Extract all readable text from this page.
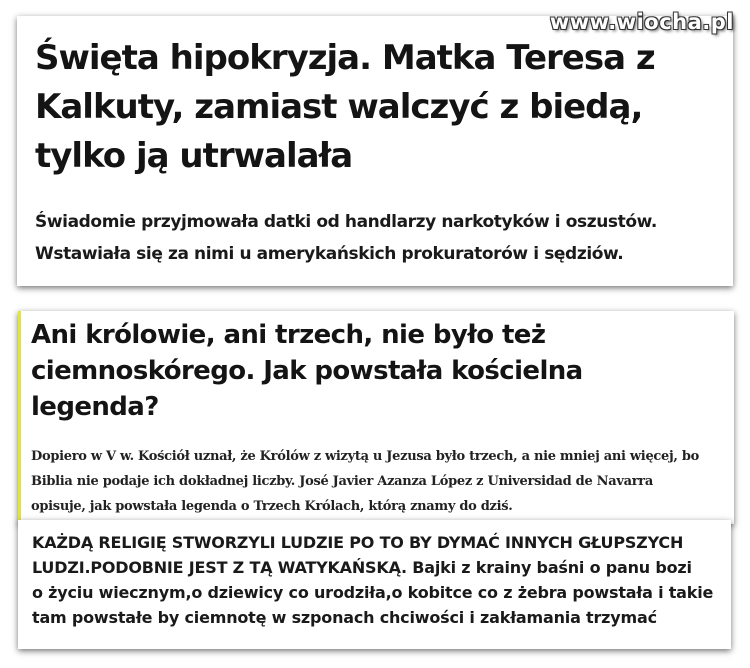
www.wiocha.pl
Święta hipokryzja. Matka Teresa z
Kalkuty, zamiast walczyć z biedą,
tylko ją utrwalała
Świadomie przyjmowała datki od handlarzy narkotyków i oszustów.
Wstawiała się za nimi u amerykańskich prokuratorów i sędziów.
Ani królowie, ani trzech, nie było też
ciemnoskórego. Jak powstała kościelna
legenda?
Dopiero w V w. Kościół uznał, że Królów z wizytą u Jezusa było trzech, a nie mniej ani więcej, bo
Biblia nie podaje ich dokładnej liczby. José Javier Azanza López z Universidad de Navarra
opisuje, jak powstała legenda o Trzech Królach, którą znamy do dziś.
KAŻDĄ RELIGIĘ STWORZYLI LUDZIE PO TO BY DYMAĆ INNYCH GŁUPSZYCH
LUDZI.PODOBNIE JEST Z TĄ WATYKAŃSKĄ. Bajki z krainy baśni o panu bozi
o życiu wiecznym,o dziewicy co urodziła,o kobitce co z żebra powstała i takie
tam powstałe by ciemnotę w szponach chciwości i zakłamania trzymać
